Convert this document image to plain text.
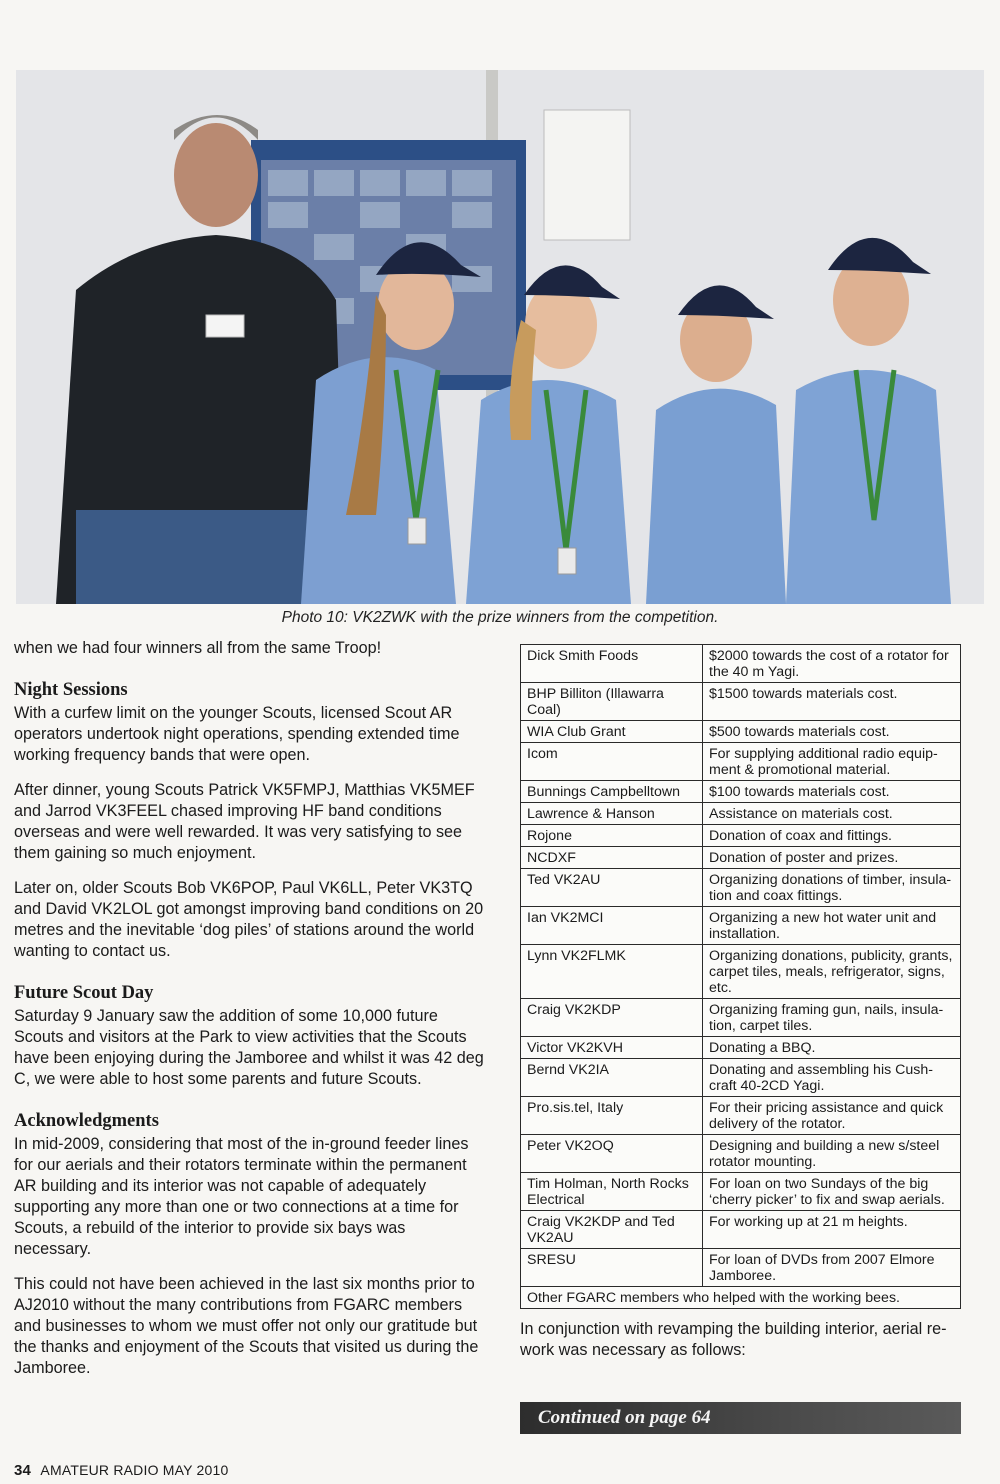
Photo 10: VK2ZWK with the prize winners from the competition.

when we had four winners all from the same Troop!

Night Sessions

With a curfew limit on the younger Scouts, licensed Scout AR operators undertook night operations, spending extended time working frequency bands that were open.

After dinner, young Scouts Patrick VK5FMPJ, Matthias VK5MEF and Jarrod VK3FEEL chased improving HF band conditions overseas and were well rewarded. It was very satisfying to see them gaining so much enjoyment.

Later on, older Scouts Bob VK6POP, Paul VK6LL, Peter VK3TQ and David VK2LOL got amongst improving band conditions on 20 metres and the inevitable ‘dog piles’ of stations around the world wanting to contact us.

Future Scout Day

Saturday 9 January saw the addition of some 10,000 future Scouts and visitors at the Park to view activities that the Scouts have been enjoying during the Jamboree and whilst it was 42 deg C, we were able to host some parents and future Scouts.

Acknowledgments

In mid-2009, considering that most of the in-ground feeder lines for our aerials and their rotators terminate within the permanent AR building and its interior was not capable of adequately supporting any more than one or two connections at a time for Scouts, a rebuild of the interior to provide six bays was necessary.

This could not have been achieved in the last six months prior to AJ2010 without the many contributions from FGARC members and businesses to whom we must offer not only our gratitude but the thanks and enjoyment of the Scouts that visited us during the Jamboree.

Dick Smith Foods	$2000 towards the cost of a rotator for the 40 m Yagi.
BHP Billiton (Illawarra Coal)	$1500 towards materials cost.
WIA Club Grant	$500 towards materials cost.
Icom	For supplying additional radio equip-ment & promotional material.
Bunnings Campbelltown	$100 towards materials cost.
Lawrence & Hanson	Assistance on materials cost.
Rojone	Donation of coax and fittings.
NCDXF	Donation of poster and prizes.
Ted VK2AU	Organizing donations of timber, insula-tion and coax fittings.
Ian VK2MCI	Organizing a new hot water unit and installation.
Lynn VK2FLMK	Organizing donations, publicity, grants, carpet tiles, meals, refrigerator, signs, etc.
Craig VK2KDP	Organizing framing gun, nails, insula-tion, carpet tiles.
Victor VK2KVH	Donating a BBQ.
Bernd VK2IA	Donating and assembling his Cush-craft 40-2CD Yagi.
Pro.sis.tel, Italy	For their pricing assistance and quick delivery of the rotator.
Peter VK2OQ	Designing and building a new s/steel rotator mounting.
Tim Holman, North Rocks Electrical	For loan on two Sundays of the big ‘cherry picker’ to fix and swap aerials.
Craig VK2KDP and Ted VK2AU	For working up at 21 m heights.
SRESU	For loan of DVDs from 2007 Elmore Jamboree.
Other FGARC members who helped with the working bees.	
In conjunction with revamping the building interior, aerial re-work was necessary as follows:
Continued on page 64
34 AMATEUR RADIO MAY 2010
